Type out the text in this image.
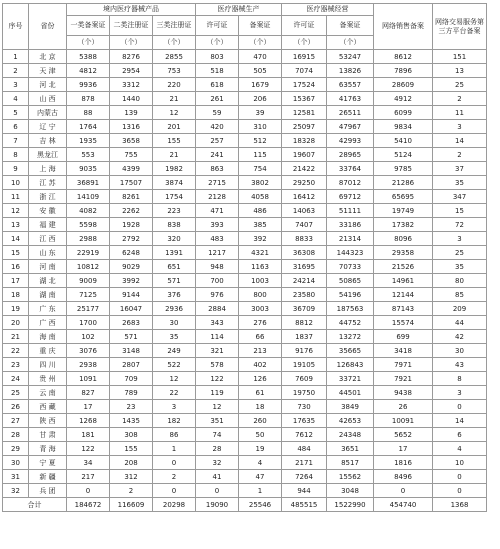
序号	省份	境内医疗器械产品			医疗器械生产		医疗器械经营		网络销售备案	网络交易服务第三方平台备案
		一类备案证	二类注册证	三类注册证	许可证	备案证	许可证	备案证		
		（个）	（个）	（个）	（个）	（个）	（个）	（个）		
1	北 京	5388	8276	2855	803	470	16915	53247	8612	151
2	天 津	4812	2954	753	518	505	7074	13826	7896	13
3	河 北	9936	3312	220	618	1679	17524	63557	28609	25
4	山 西	878	1440	21	261	206	15367	41763	4912	2
5	内蒙古	88	139	12	59	39	12581	26511	6099	11
6	辽 宁	1764	1316	201	420	310	25097	47967	9834	3
7	吉 林	1935	3658	155	257	512	18328	42993	5410	14
8	黑龙江	553	755	21	241	115	19607	28965	5124	2
9	上 海	9035	4399	1982	863	754	21422	33764	9785	37
10	江 苏	36891	17507	3874	2715	3802	29250	87012	21286	35
11	浙 江	14109	8261	1754	2128	4058	16412	69712	65695	347
12	安 徽	4082	2262	223	471	486	14063	51111	19749	15
13	福 建	5598	1928	838	393	385	7407	33186	17382	72
14	江 西	2988	2792	320	483	392	8833	21314	8096	3
15	山 东	22919	6248	1391	1217	4321	36308	144323	29358	25
16	河 南	10812	9029	651	948	1163	31695	70733	21526	35
17	湖 北	9009	3992	571	700	1003	24214	50865	14961	80
18	湖 南	7125	9144	376	976	800	23580	54196	12144	85
19	广 东	25177	16047	2936	2884	3003	36709	187563	87143	209
20	广 西	1700	2683	30	343	276	8812	44752	15574	44
21	海 南	102	571	35	114	66	1837	13272	699	42
22	重 庆	3076	3148	249	321	213	9176	35665	3418	30
23	四 川	2938	2807	522	578	402	19105	126843	7971	43
24	贵 州	1091	709	12	122	126	7609	33721	7921	8
25	云 南	827	789	22	119	61	19750	44501	9438	3
26	西 藏	17	23	3	12	18	730	3849	26	0
27	陕 西	1268	1435	182	351	260	17635	42653	10091	14
28	甘 肃	181	308	86	74	50	7612	24348	5652	6
29	青 海	122	155	1	28	19	484	3651	17	4
30	宁 夏	34	208	0	32	4	2171	8517	1816	10
31	新 疆	217	312	2	41	47	7264	15562	8496	0
32	兵 团	0	2	0	0	1	944	3048	0	0
合计		184672	116609	20298	19090	25546	485515	1522990	454740	1368
